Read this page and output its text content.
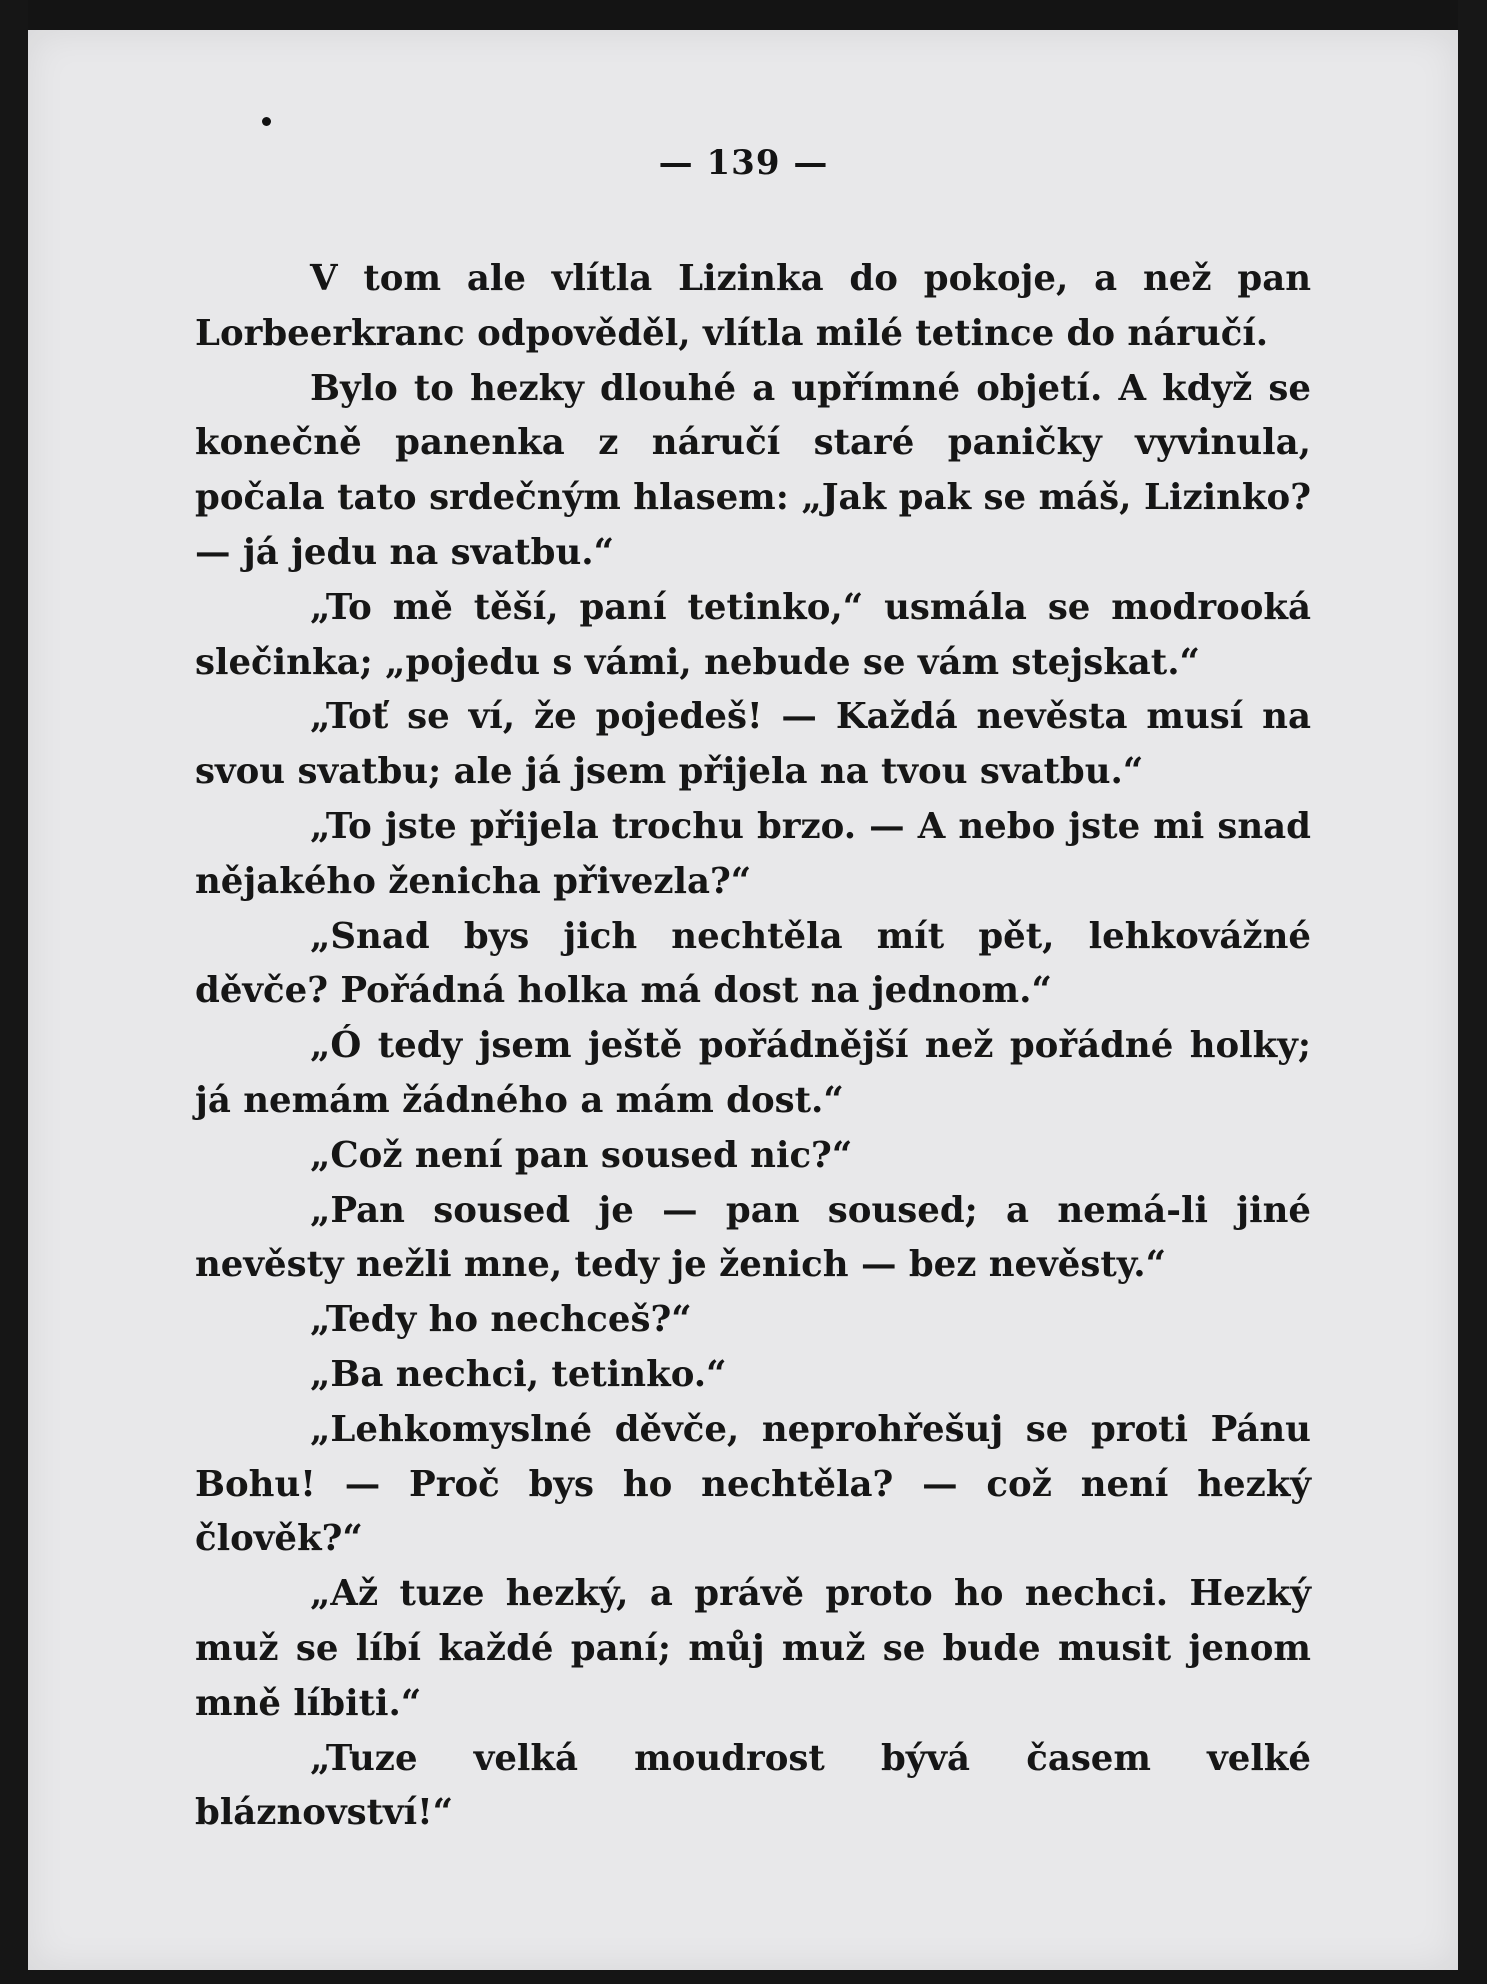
— 139 —

V tom ale vlítla Lizinka do pokoje, a než pan Lorbeerkranc odpověděl, vlítla milé tetince do náručí.

Bylo to hezky dlouhé a upřímné objetí. A když se konečně panenka z náručí staré paničky vyvinula, počala tato srdečným hlasem: „Jak pak se máš, Lizinko? — já jedu na svatbu.“

„To mě těší, paní tetinko,“ usmála se modrooká slečinka; „pojedu s vámi, nebude se vám stejskat.“

„Toť se ví, že pojedeš! — Každá nevěsta musí na svou svatbu; ale já jsem přijela na tvou svatbu.“

„To jste přijela trochu brzo. — A nebo jste mi snad nějakého ženicha přivezla?“

„Snad bys jich nechtěla mít pět, lehkovážné děvče? Pořádná holka má dost na jednom.“

„Ó tedy jsem ještě pořádnější než pořádné holky; já nemám žádného a mám dost.“

„Což není pan soused nic?“

„Pan soused je — pan soused; a nemá-li jiné nevěsty nežli mne, tedy je ženich — bez nevěsty.“

„Tedy ho nechceš?“

„Ba nechci, tetinko.“

„Lehkomyslné děvče, neprohřešuj se proti Pánu Bohu! — Proč bys ho nechtěla? — což není hezký člověk?“

„Až tuze hezký, a právě proto ho nechci. Hezký muž se líbí každé paní; můj muž se bude musit jenom mně líbiti.“

„Tuze velká moudrost bývá časem velké bláznovství!“
